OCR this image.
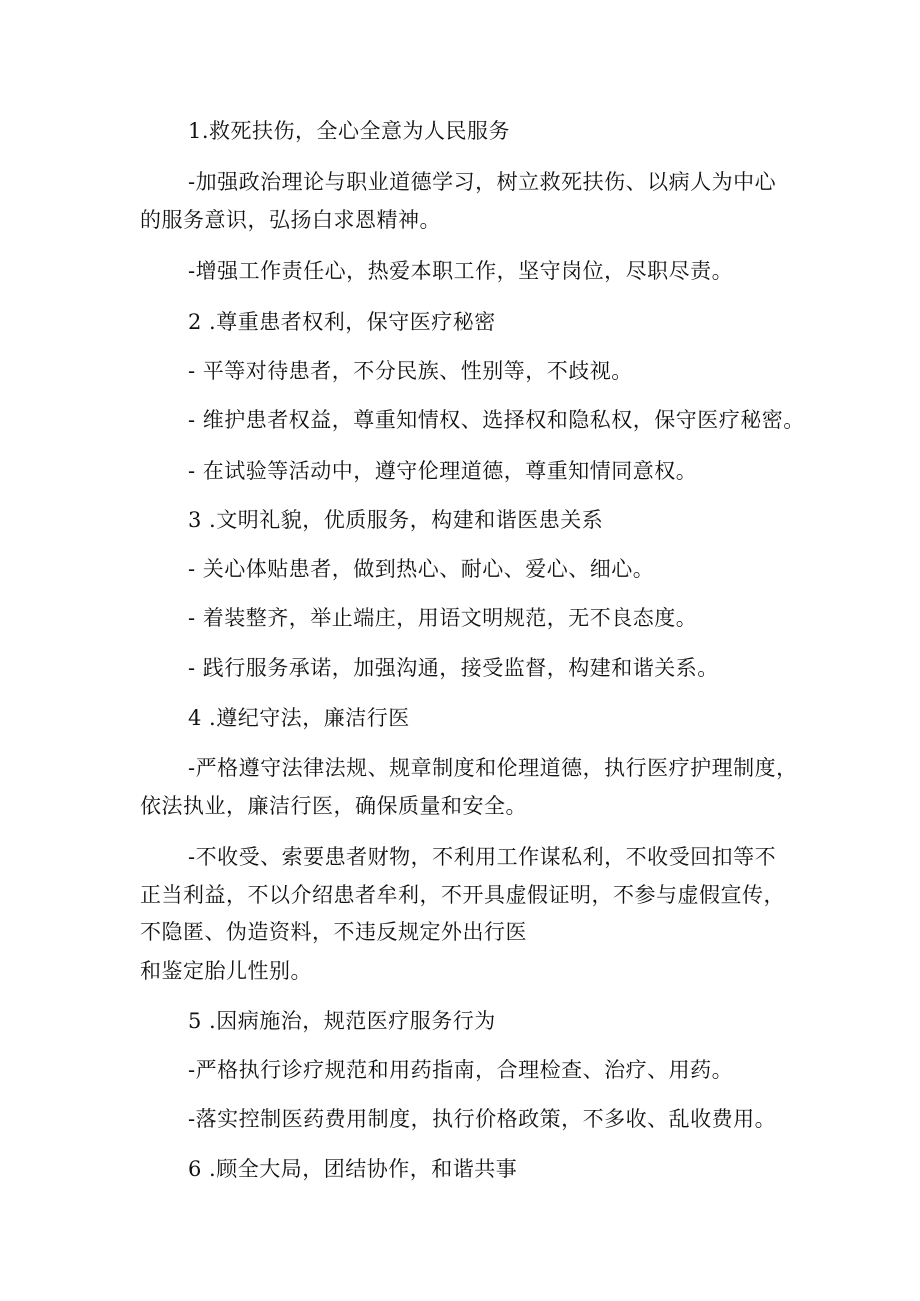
1.救死扶伤，全心全意为人民服务
-加强政治理论与职业道德学习，树立救死扶伤、以病人为中心
的服务意识，弘扬白求恩精神。
-增强工作责任心，热爱本职工作，坚守岗位，尽职尽责。
2 .尊重患者权利，保守医疗秘密
- 平等对待患者，不分民族、性别等，不歧视。
- 维护患者权益，尊重知情权、选择权和隐私权，保守医疗秘密。
- 在试验等活动中，遵守伦理道德，尊重知情同意权。
3 .文明礼貌，优质服务，构建和谐医患关系
- 关心体贴患者，做到热心、耐心、爱心、细心。
- 着装整齐，举止端庄，用语文明规范，无不良态度。
- 践行服务承诺，加强沟通，接受监督，构建和谐关系。
4 .遵纪守法，廉洁行医
-严格遵守法律法规、规章制度和伦理道德，执行医疗护理制度，
依法执业，廉洁行医，确保质量和安全。
-不收受、索要患者财物，不利用工作谋私利，不收受回扣等不
正当利益，不以介绍患者牟利，不开具虚假证明，不参与虚假宣传，
不隐匿、伪造资料，不违反规定外出行医
和鉴定胎儿性别。
5 .因病施治，规范医疗服务行为
-严格执行诊疗规范和用药指南，合理检查、治疗、用药。
-落实控制医药费用制度，执行价格政策，不多收、乱收费用。
6 .顾全大局，团结协作，和谐共事
